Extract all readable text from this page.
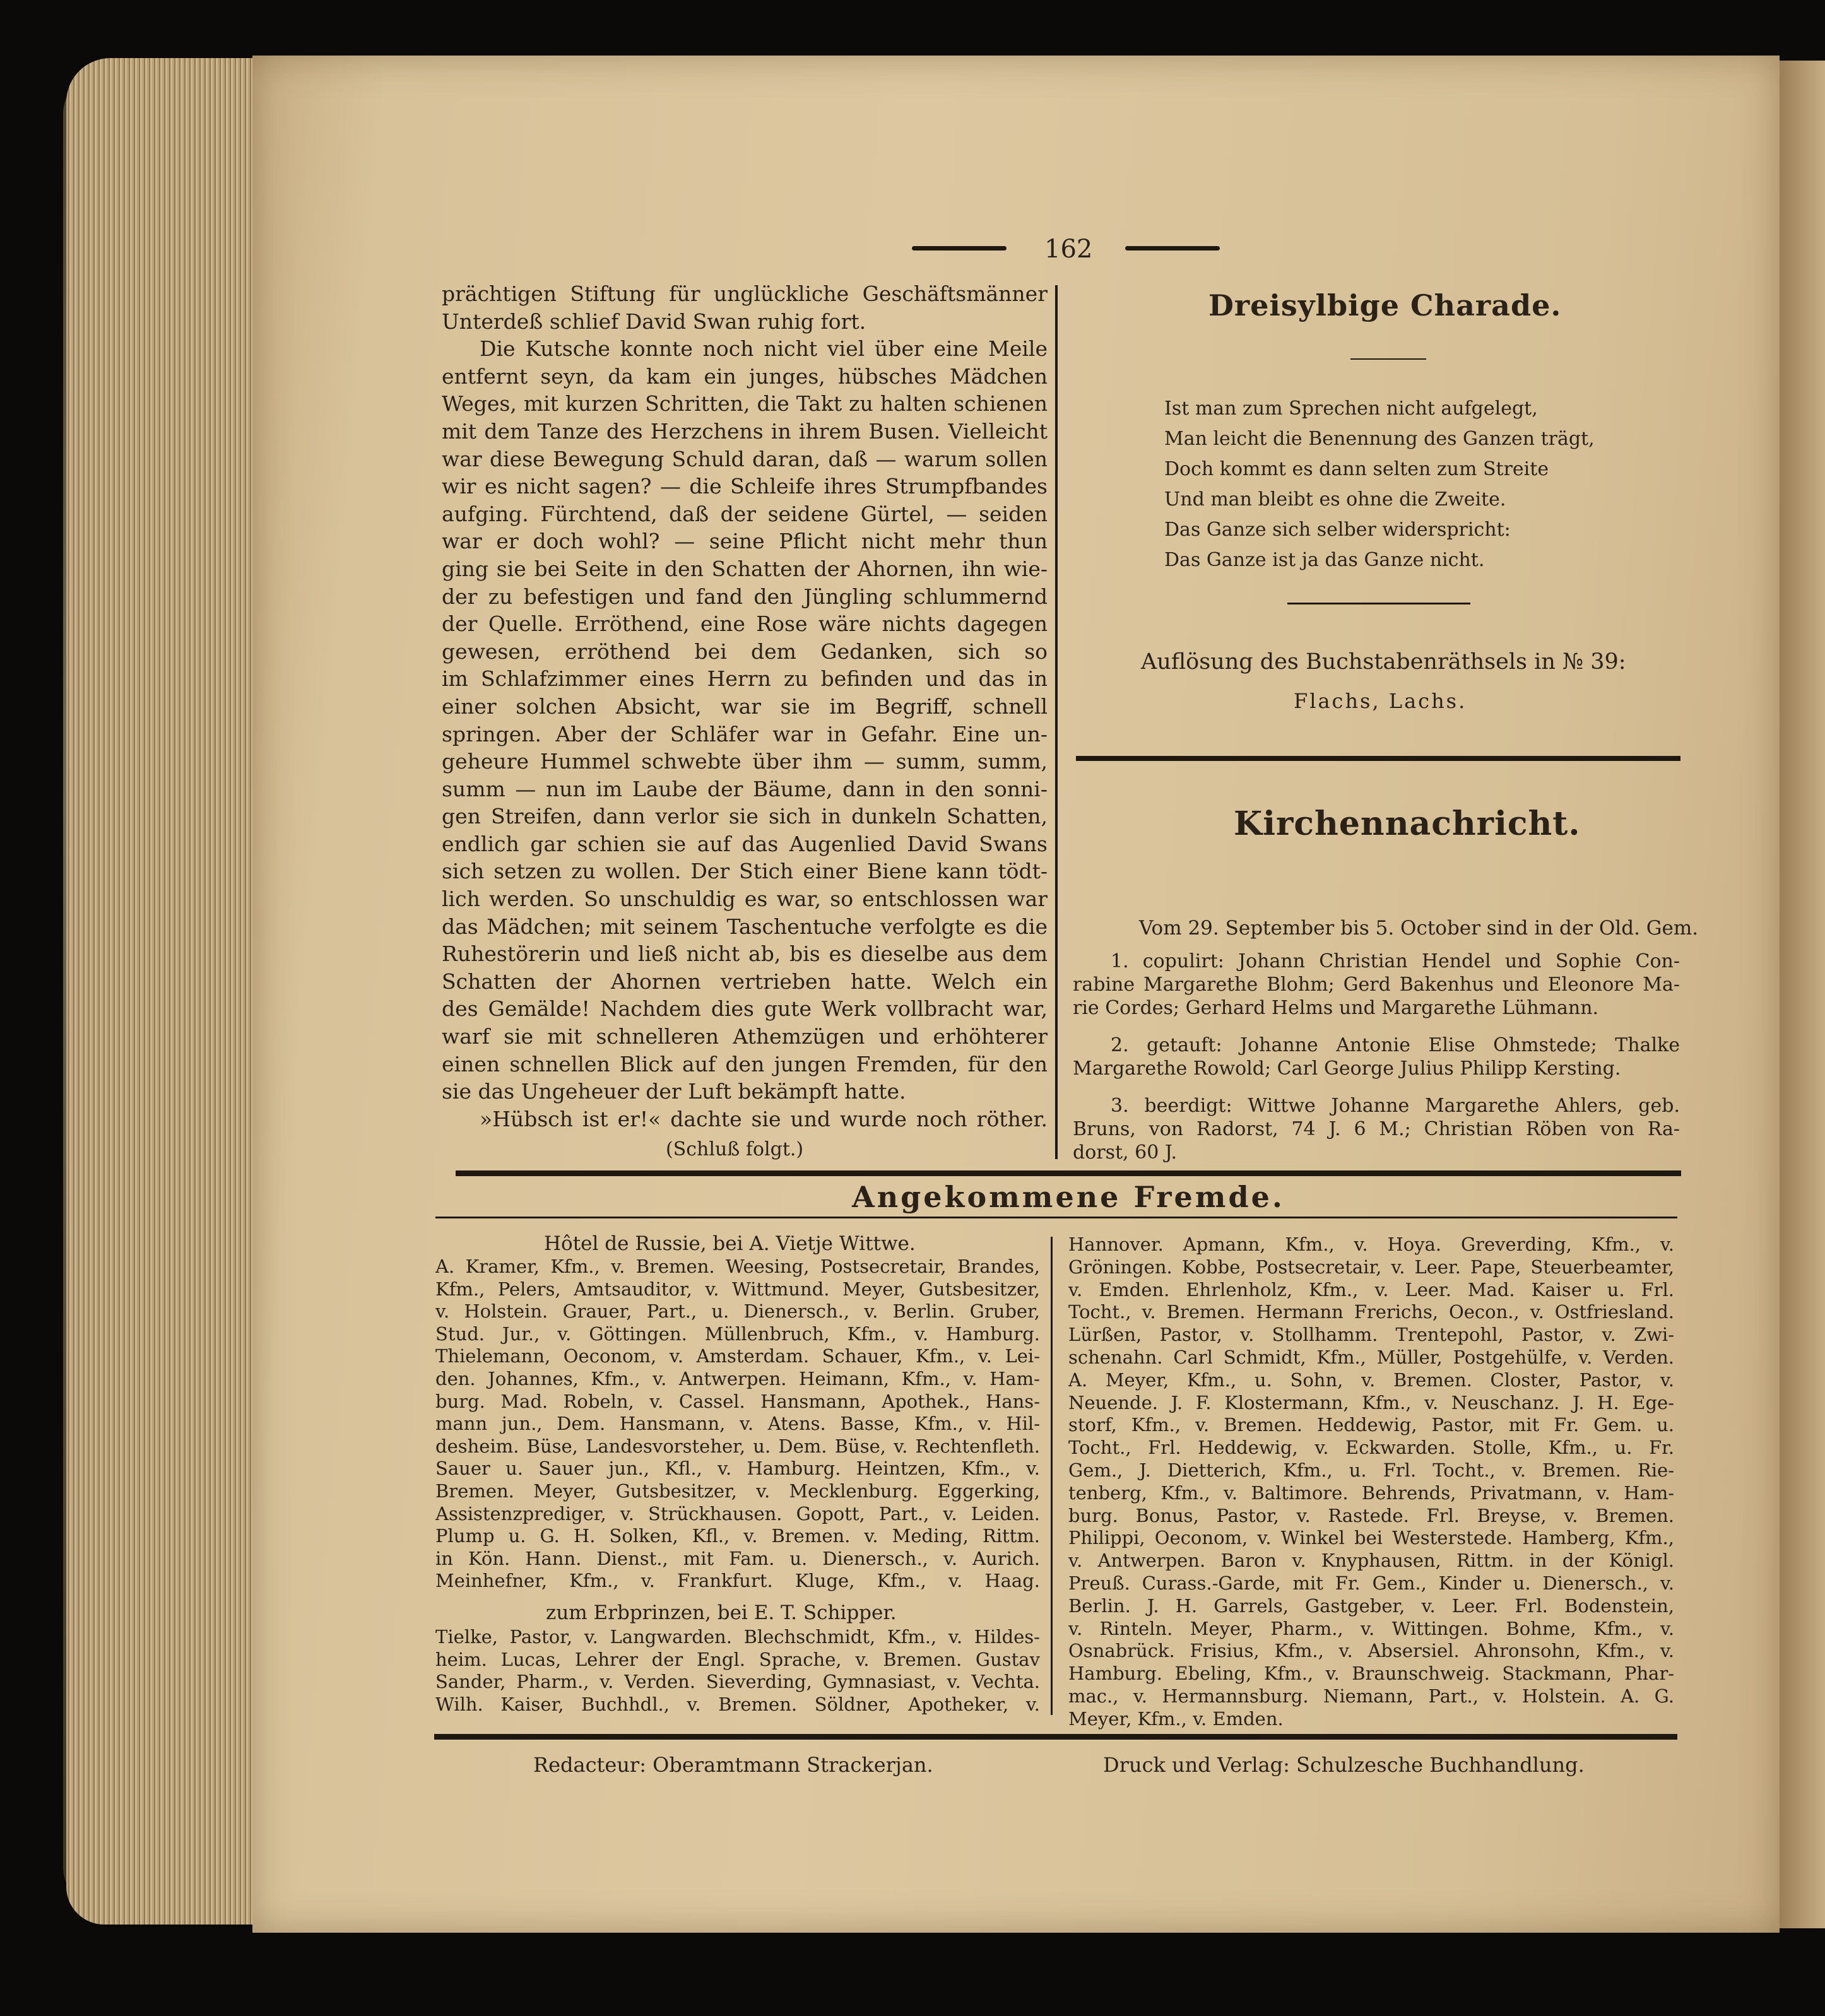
162
prächtigen Stiftung für unglückliche Geschäftsmänner
Unterdeß schlief David Swan ruhig fort.
Die Kutsche konnte noch nicht viel über eine Meile
entfernt seyn, da kam ein junges, hübsches Mädchen
Weges, mit kurzen Schritten, die Takt zu halten schienen
mit dem Tanze des Herzchens in ihrem Busen. Vielleicht
war diese Bewegung Schuld daran, daß — warum sollen
wir es nicht sagen? — die Schleife ihres Strumpfbandes
aufging. Fürchtend, daß der seidene Gürtel, — seiden
war er doch wohl? — seine Pflicht nicht mehr thun
ging sie bei Seite in den Schatten der Ahornen, ihn wie-
der zu befestigen und fand den Jüngling schlummernd
der Quelle. Erröthend, eine Rose wäre nichts dagegen
gewesen, erröthend bei dem Gedanken, sich so
im Schlafzimmer eines Herrn zu befinden und das in
einer solchen Absicht, war sie im Begriff, schnell
springen. Aber der Schläfer war in Gefahr. Eine un-
geheure Hummel schwebte über ihm — summ, summ,
summ — nun im Laube der Bäume, dann in den sonni-
gen Streifen, dann verlor sie sich in dunkeln Schatten,
endlich gar schien sie auf das Augenlied David Swans
sich setzen zu wollen. Der Stich einer Biene kann tödt-
lich werden. So unschuldig es war, so entschlossen war
das Mädchen; mit seinem Taschentuche verfolgte es die
Ruhestörerin und ließ nicht ab, bis es dieselbe aus dem
Schatten der Ahornen vertrieben hatte. Welch ein
des Gemälde! Nachdem dies gute Werk vollbracht war,
warf sie mit schnelleren Athemzügen und erhöhterer
einen schnellen Blick auf den jungen Fremden, für den
sie das Ungeheuer der Luft bekämpft hatte.
»Hübsch ist er!« dachte sie und wurde noch röther.
(Schluß folgt.)
Dreisylbige Charade.
Ist man zum Sprechen nicht aufgelegt,
Man leicht die Benennung des Ganzen trägt,
Doch kommt es dann selten zum Streite
Und man bleibt es ohne die Zweite.
Das Ganze sich selber widerspricht:
Das Ganze ist ja das Ganze nicht.
Auflösung des Buchstabenräthsels in № 39:
Flachs, Lachs.
Kirchennachricht.
Vom 29. September bis 5. October sind in der Old. Gem.
1. copulirt: Johann Christian Hendel und Sophie Con-
rabine Margarethe Blohm; Gerd Bakenhus und Eleonore Ma-
rie Cordes; Gerhard Helms und Margarethe Lühmann.
2. getauft: Johanne Antonie Elise Ohmstede; Thalke
Margarethe Rowold; Carl George Julius Philipp Kersting.
3. beerdigt: Wittwe Johanne Margarethe Ahlers, geb.
Bruns, von Radorst, 74 J. 6 M.; Christian Röben von Ra-
dorst, 60 J.
Angekommene Fremde.
Hôtel de Russie, bei A. Vietje Wittwe.
A. Kramer, Kfm., v. Bremen. Weesing, Postsecretair, Brandes,
Kfm., Pelers, Amtsauditor, v. Wittmund. Meyer, Gutsbesitzer,
v. Holstein. Grauer, Part., u. Dienersch., v. Berlin. Gruber,
Stud. Jur., v. Göttingen. Müllenbruch, Kfm., v. Hamburg.
Thielemann, Oeconom, v. Amsterdam. Schauer, Kfm., v. Lei-
den. Johannes, Kfm., v. Antwerpen. Heimann, Kfm., v. Ham-
burg. Mad. Robeln, v. Cassel. Hansmann, Apothek., Hans-
mann jun., Dem. Hansmann, v. Atens. Basse, Kfm., v. Hil-
desheim. Büse, Landesvorsteher, u. Dem. Büse, v. Rechtenfleth.
Sauer u. Sauer jun., Kfl., v. Hamburg. Heintzen, Kfm., v.
Bremen. Meyer, Gutsbesitzer, v. Mecklenburg. Eggerking,
Assistenzprediger, v. Strückhausen. Gopott, Part., v. Leiden.
Plump u. G. H. Solken, Kfl., v. Bremen. v. Meding, Rittm.
in Kön. Hann. Dienst., mit Fam. u. Dienersch., v. Aurich.
Meinhefner, Kfm., v. Frankfurt. Kluge, Kfm., v. Haag.
zum Erbprinzen, bei E. T. Schipper.
Tielke, Pastor, v. Langwarden. Blechschmidt, Kfm., v. Hildes-
heim. Lucas, Lehrer der Engl. Sprache, v. Bremen. Gustav
Sander, Pharm., v. Verden. Sieverding, Gymnasiast, v. Vechta.
Wilh. Kaiser, Buchhdl., v. Bremen. Söldner, Apotheker, v.
Hannover. Apmann, Kfm., v. Hoya. Greverding, Kfm., v.
Gröningen. Kobbe, Postsecretair, v. Leer. Pape, Steuerbeamter,
v. Emden. Ehrlenholz, Kfm., v. Leer. Mad. Kaiser u. Frl.
Tocht., v. Bremen. Hermann Frerichs, Oecon., v. Ostfriesland.
Lürßen, Pastor, v. Stollhamm. Trentepohl, Pastor, v. Zwi-
schenahn. Carl Schmidt, Kfm., Müller, Postgehülfe, v. Verden.
A. Meyer, Kfm., u. Sohn, v. Bremen. Closter, Pastor, v.
Neuende. J. F. Klostermann, Kfm., v. Neuschanz. J. H. Ege-
storf, Kfm., v. Bremen. Heddewig, Pastor, mit Fr. Gem. u.
Tocht., Frl. Heddewig, v. Eckwarden. Stolle, Kfm., u. Fr.
Gem., J. Dietterich, Kfm., u. Frl. Tocht., v. Bremen. Rie-
tenberg, Kfm., v. Baltimore. Behrends, Privatmann, v. Ham-
burg. Bonus, Pastor, v. Rastede. Frl. Breyse, v. Bremen.
Philippi, Oeconom, v. Winkel bei Westerstede. Hamberg, Kfm.,
v. Antwerpen. Baron v. Knyphausen, Rittm. in der Königl.
Preuß. Curass.-Garde, mit Fr. Gem., Kinder u. Dienersch., v.
Berlin. J. H. Garrels, Gastgeber, v. Leer. Frl. Bodenstein,
v. Rinteln. Meyer, Pharm., v. Wittingen. Bohme, Kfm., v.
Osnabrück. Frisius, Kfm., v. Absersiel. Ahronsohn, Kfm., v.
Hamburg. Ebeling, Kfm., v. Braunschweig. Stackmann, Phar-
mac., v. Hermannsburg. Niemann, Part., v. Holstein. A. G.
Meyer, Kfm., v. Emden.
Redacteur: Oberamtmann Strackerjan.	Druck und Verlag: Schulzesche Buchhandlung.
